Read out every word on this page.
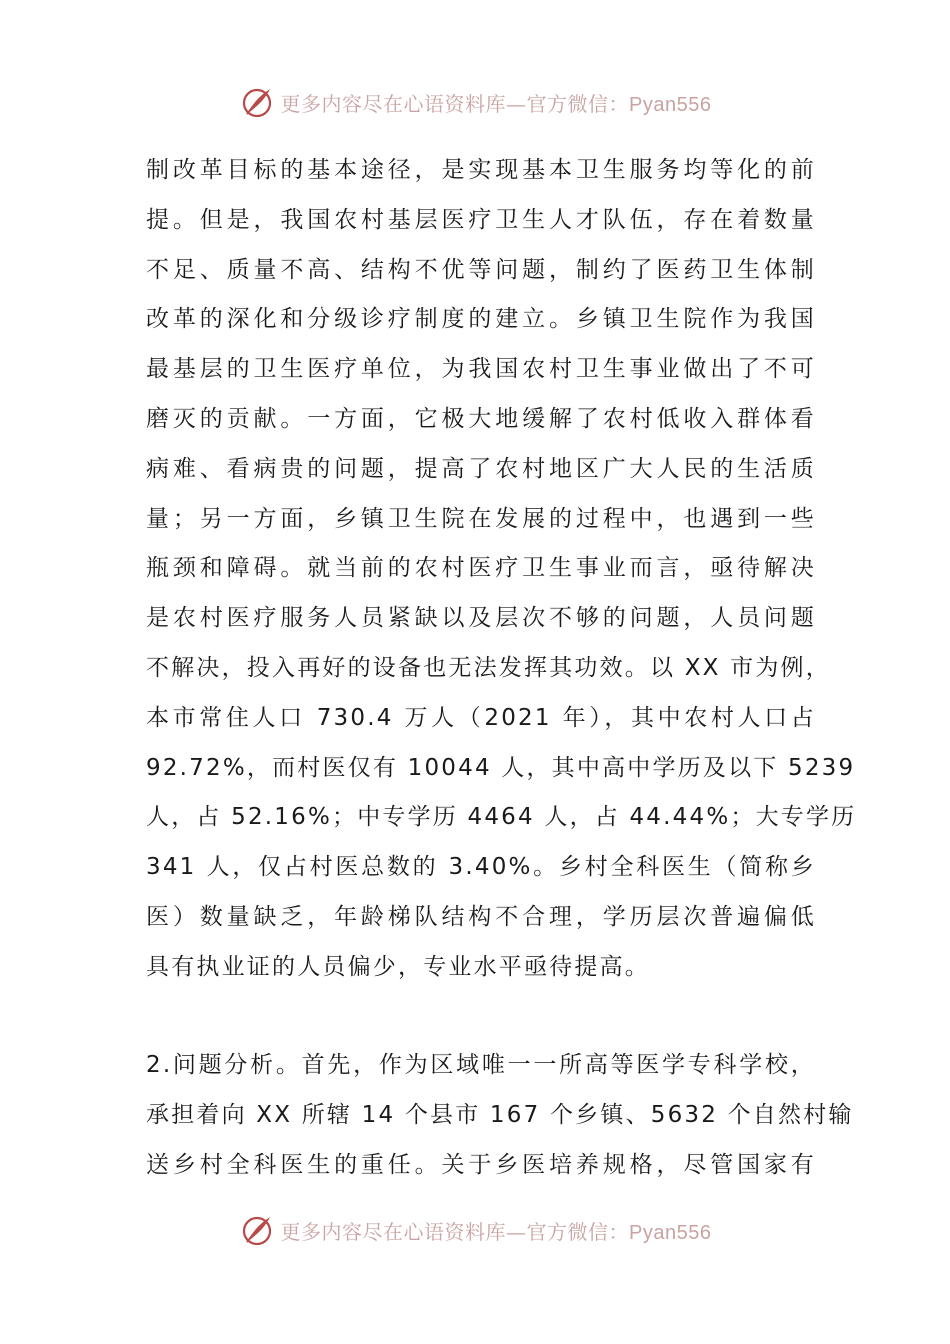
更多内容尽在心语资料库—官方微信：Pyan556
制改革目标的基本途径，是实现基本卫生服务均等化的前
提。但是，我国农村基层医疗卫生人才队伍，存在着数量
不足、质量不高、结构不优等问题，制约了医药卫生体制
改革的深化和分级诊疗制度的建立。乡镇卫生院作为我国
最基层的卫生医疗单位，为我国农村卫生事业做出了不可
磨灭的贡献。一方面，它极大地缓解了农村低收入群体看
病难、看病贵的问题，提高了农村地区广大人民的生活质
量；另一方面，乡镇卫生院在发展的过程中，也遇到一些
瓶颈和障碍。就当前的农村医疗卫生事业而言，亟待解决
是农村医疗服务人员紧缺以及层次不够的问题，人员问题
不解决，投入再好的设备也无法发挥其功效。以 XX 市为例，
本市常住人口 730.4 万人（2021 年），其中农村人口占
92.72%，而村医仅有 10044 人，其中高中学历及以下 5239
人，占 52.16%；中专学历 4464 人，占 44.44%；大专学历
341 人，仅占村医总数的 3.40%。乡村全科医生（简称乡
医）数量缺乏，年龄梯队结构不合理，学历层次普遍偏低
具有执业证的人员偏少，专业水平亟待提高。
2.问题分析。首先，作为区域唯一一所高等医学专科学校，
承担着向 XX 所辖 14 个县市 167 个乡镇、5632 个自然村输
送乡村全科医生的重任。关于乡医培养规格，尽管国家有
更多内容尽在心语资料库—官方微信：Pyan556
